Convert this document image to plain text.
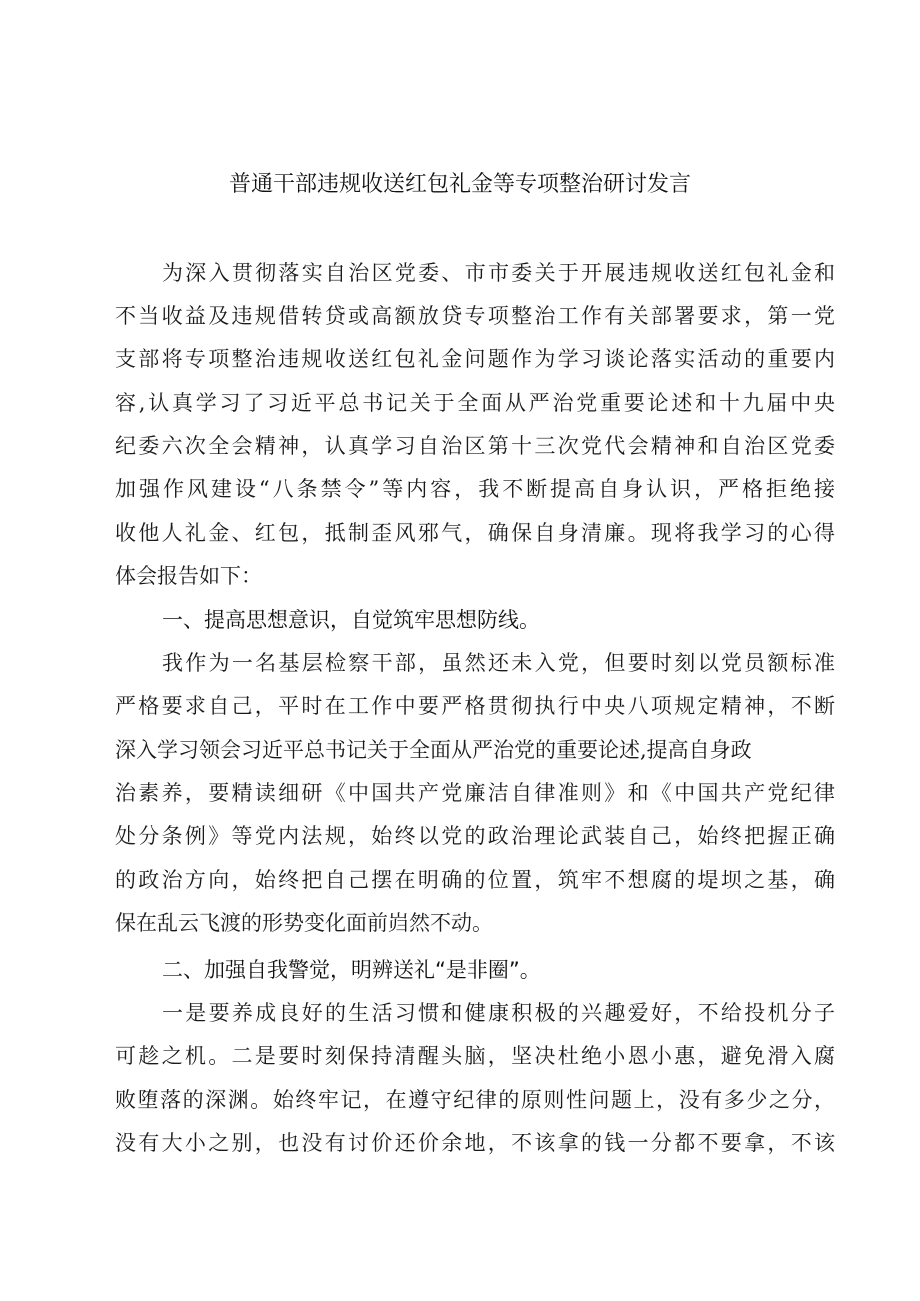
普通干部违规收送红包礼金等专项整治研讨发言
为深入贯彻落实自治区党委、市市委关于开展违规收送红包礼金和
不当收益及违规借转贷或高额放贷专项整治工作有关部署要求，第一党
支部将专项整治违规收送红包礼金问题作为学习谈论落实活动的重要内
容,认真学习了习近平总书记关于全面从严治党重要论述和十九届中央
纪委六次全会精神，认真学习自治区第十三次党代会精神和自治区党委
加强作风建设“八条禁令”等内容，我不断提高自身认识，严格拒绝接
收他人礼金、红包，抵制歪风邪气，确保自身清廉。现将我学习的心得
体会报告如下：
一、提高思想意识，自觉筑牢思想防线。
我作为一名基层检察干部，虽然还未入党，但要时刻以党员额标准
严格要求自己，平时在工作中要严格贯彻执行中央八项规定精神，不断
深入学习领会习近平总书记关于全面从严治党的重要论述,提高自身政
治素养，要精读细研《中国共产党廉洁自律准则》和《中国共产党纪律
处分条例》等党内法规，始终以党的政治理论武装自己，始终把握正确
的政治方向，始终把自己摆在明确的位置，筑牢不想腐的堤坝之基，确
保在乱云飞渡的形势变化面前岿然不动。
二、加强自我警觉，明辨送礼“是非圈”。
一是要养成良好的生活习惯和健康积极的兴趣爱好，不给投机分子
可趁之机。二是要时刻保持清醒头脑，坚决杜绝小恩小惠，避免滑入腐
败堕落的深渊。始终牢记，在遵守纪律的原则性问题上，没有多少之分，
没有大小之别，也没有讨价还价余地，不该拿的钱一分都不要拿，不该
